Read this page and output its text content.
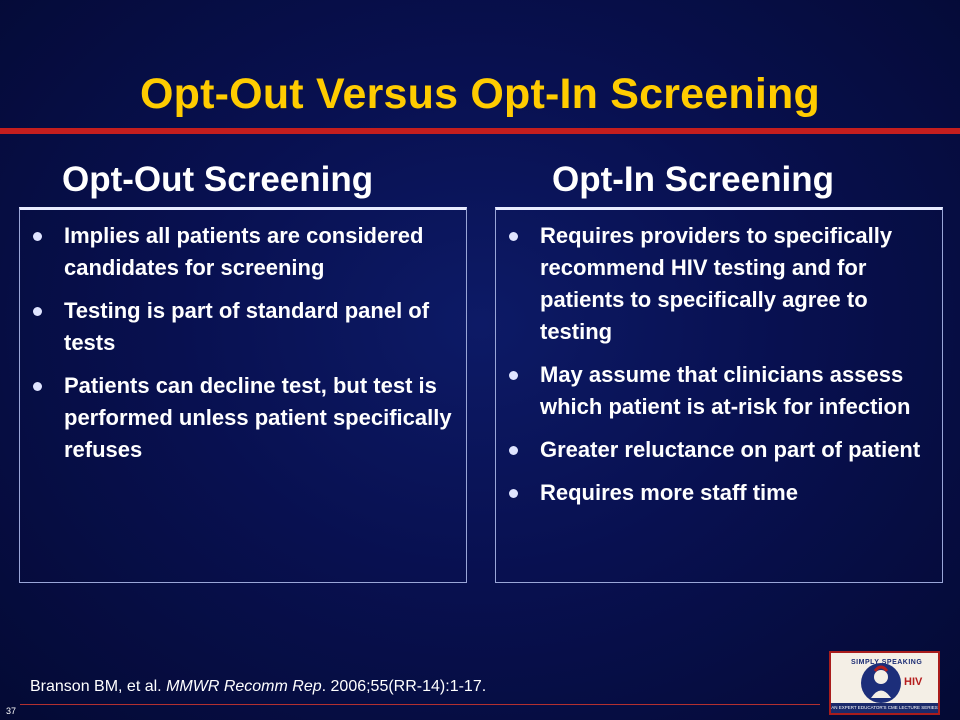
Opt-Out Versus Opt-In Screening
Opt-Out Screening	Opt-In Screening
Implies all patients are considered candidates for screening
Testing is part of standard panel of tests
Patients can decline test, but test is performed unless patient specifically refuses
Requires providers to specifically recommend HIV testing and for patients to specifically agree to testing
May assume that clinicians assess which patient is at-risk for infection
Greater reluctance on part of patient
Requires more staff time
Branson BM, et al. MMWR Recomm Rep. 2006;55(RR-14):1-17.
37
SIMPLY SPEAKING
HIV
AN EXPERT EDUCATOR'S CME LECTURE SERIES
